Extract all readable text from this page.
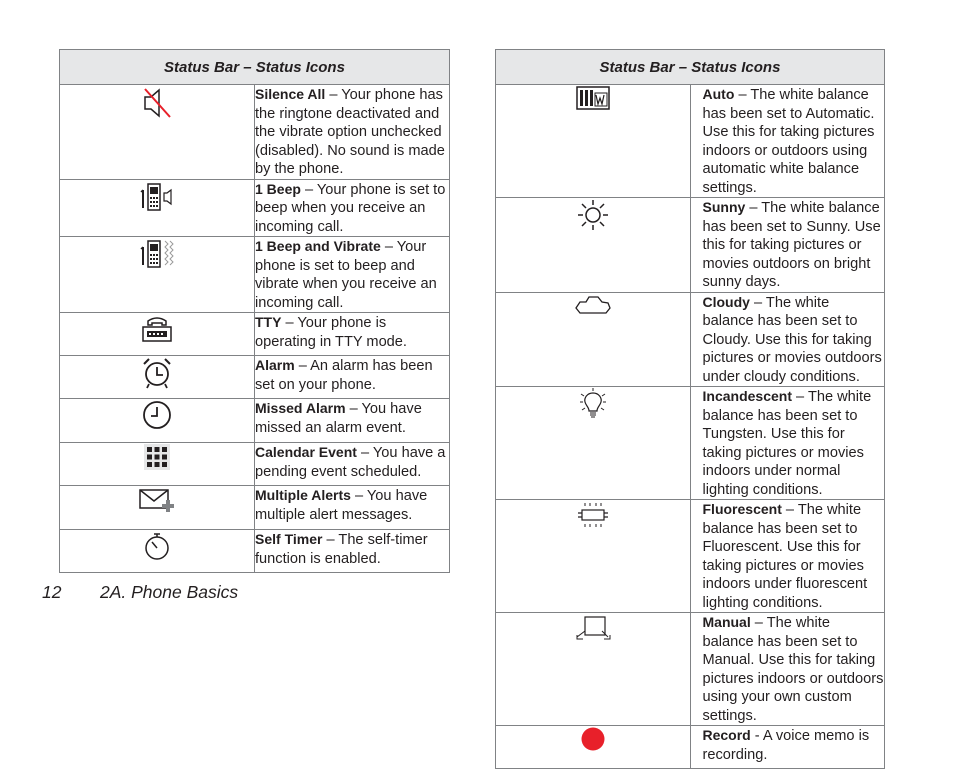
Status Bar – Status Icons	

	Silence All – Your phone has the ringtone deactivated and the vibrate option unchecked (disabled). No sound is made by the phone.

	1 Beep – Your phone is set to beep when you receive an incoming call.

	1 Beep and Vibrate – Your phone is set to beep and vibrate when you receive an incoming call.

	TTY – Your phone is operating in TTY mode.

	Alarm – An alarm has been set on your phone.

	Missed Alarm – You have missed an alarm event.

	Calendar Event – You have a pending event scheduled.

	Multiple Alerts – You have multiple alert messages.

	Self Timer – The self-timer function is enabled.
Status Bar – Status Icons	

	Auto – The white balance has been set to Automatic. Use this for taking pictures indoors or outdoors using automatic white balance settings.

	Sunny – The white balance has been set to Sunny. Use this for taking pictures or movies outdoors on bright sunny days.

	Cloudy – The white balance has been set to Cloudy. Use this for taking pictures or movies outdoors under cloudy conditions.

	Incandescent – The white balance has been set to Tungsten. Use this for taking pictures or movies indoors under normal lighting conditions.

	Fluorescent – The white balance has been set to Fluorescent. Use this for taking pictures or movies indoors under fluorescent lighting conditions.

	Manual – The white balance has been set to Manual. Use this for taking pictures indoors or outdoors using your own custom settings.

	Record - A voice memo is recording.
12 2A. Phone Basics
